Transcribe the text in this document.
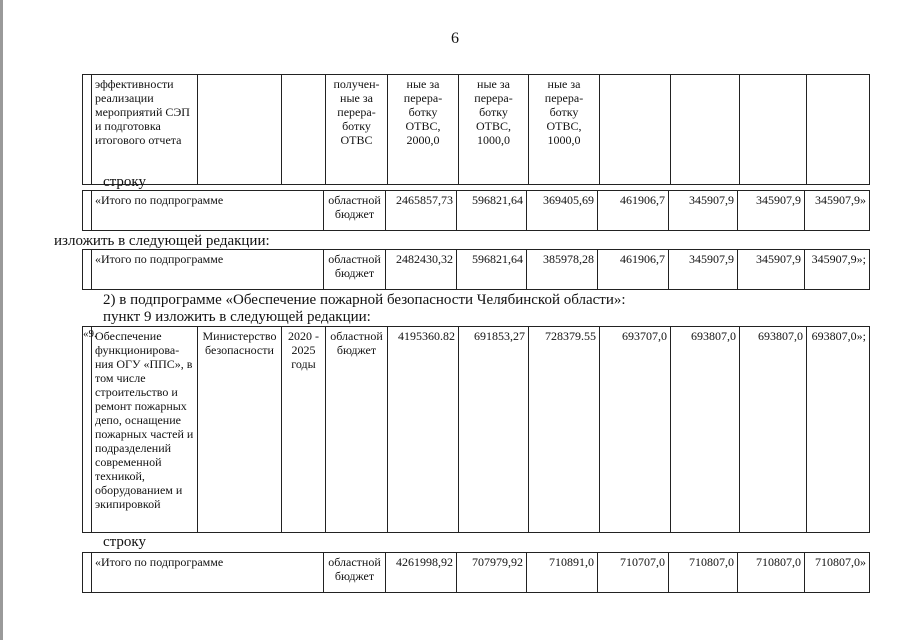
6
	эффективности реализации мероприятий СЭП и подготовка итогового отчета			получен-ные за перера-ботку ОТВС	ные за перера-ботку ОТВС, 2000,0	ные за перера-ботку ОТВС, 1000,0	ные за перера-ботку ОТВС, 1000,0				
строку
	«Итого по подпрограмме	областной бюджет	2465857,73	596821,64	369405,69	461906,7	345907,9	345907,9	345907,9»
изложить в следующей редакции:
	«Итого по подпрограмме	областной бюджет	2482430,32	596821,64	385978,28	461906,7	345907,9	345907,9	345907,9»;
2) в подпрограмме «Обеспечение пожарной безопасности Челябинской области»:
пункт 9 изложить в следующей редакции:
«9.	Обеспечение функционирова-ния ОГУ «ППС», в том числе строительство и ремонт пожарных депо, оснащение пожарных частей и подразделений современной техникой, оборудованием и экипировкой	Министерство безопасности	2020 - 2025 годы	областной бюджет	4195360.82	691853,27	728379.55	693707,0	693807,0	693807,0	693807,0»;
строку
	«Итого по подпрограмме	областной бюджет	4261998,92	707979,92	710891,0	710707,0	710807,0	710807,0	710807,0»
